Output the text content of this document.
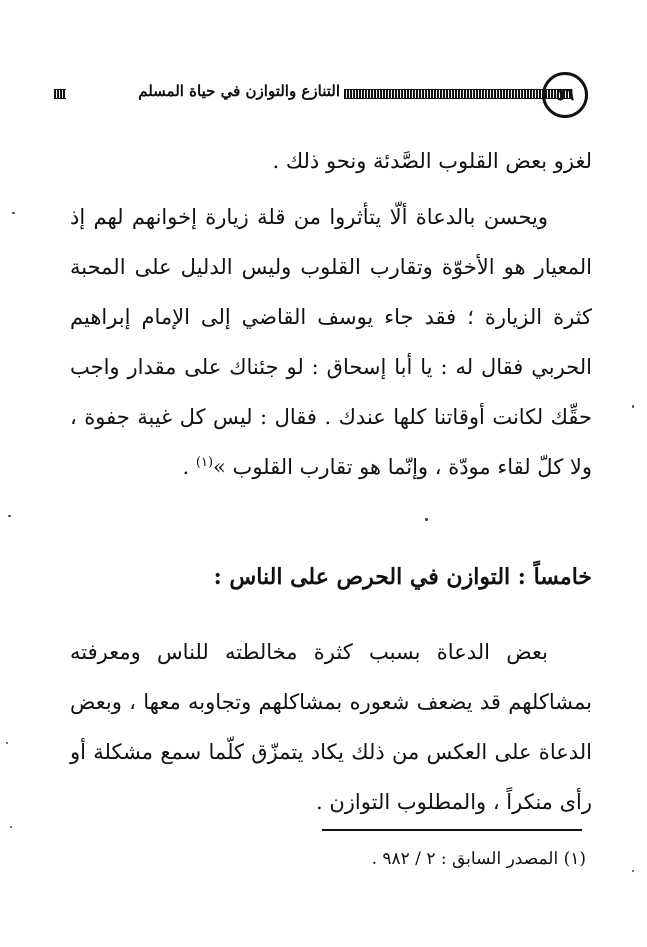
التنازع والتوازن في حياة المسلم	٥٦
لغزو بعض القلوب الصَّدئة ونحو ذلك .
ويحسن بالدعاة ألّا يتأثروا من قلة زيارة إخوانهم لهم إذ المعيار هو الأخوّة وتقارب القلوب وليس الدليل على المحبة كثرة الزيارة ؛ فقد جاء يوسف القاضي إلى الإمام إبراهيم الحربي فقال له : يا أبا إسحاق : لو جئناك على مقدار واجب حقِّك لكانت أوقاتنا كلها عندك . فقال : ليس كل غيبة جفوة ، ولا كلّ لقاء مودّة ، وإنّما هو تقارب القلوب »$^{(١)}$ .
خامساً : التوازن في الحرص على الناس :
بعض الدعاة بسبب كثرة مخالطته للناس ومعرفته بمشاكلهم قد يضعف شعوره بمشاكلهم وتجاوبه معها ، وبعض الدعاة على العكس من ذلك يكاد يتمزّق كلّما سمع مشكلة أو رأى منكراً ، والمطلوب التوازن .
(١) المصدر السابق : ٢ / ٩٨٢ .
